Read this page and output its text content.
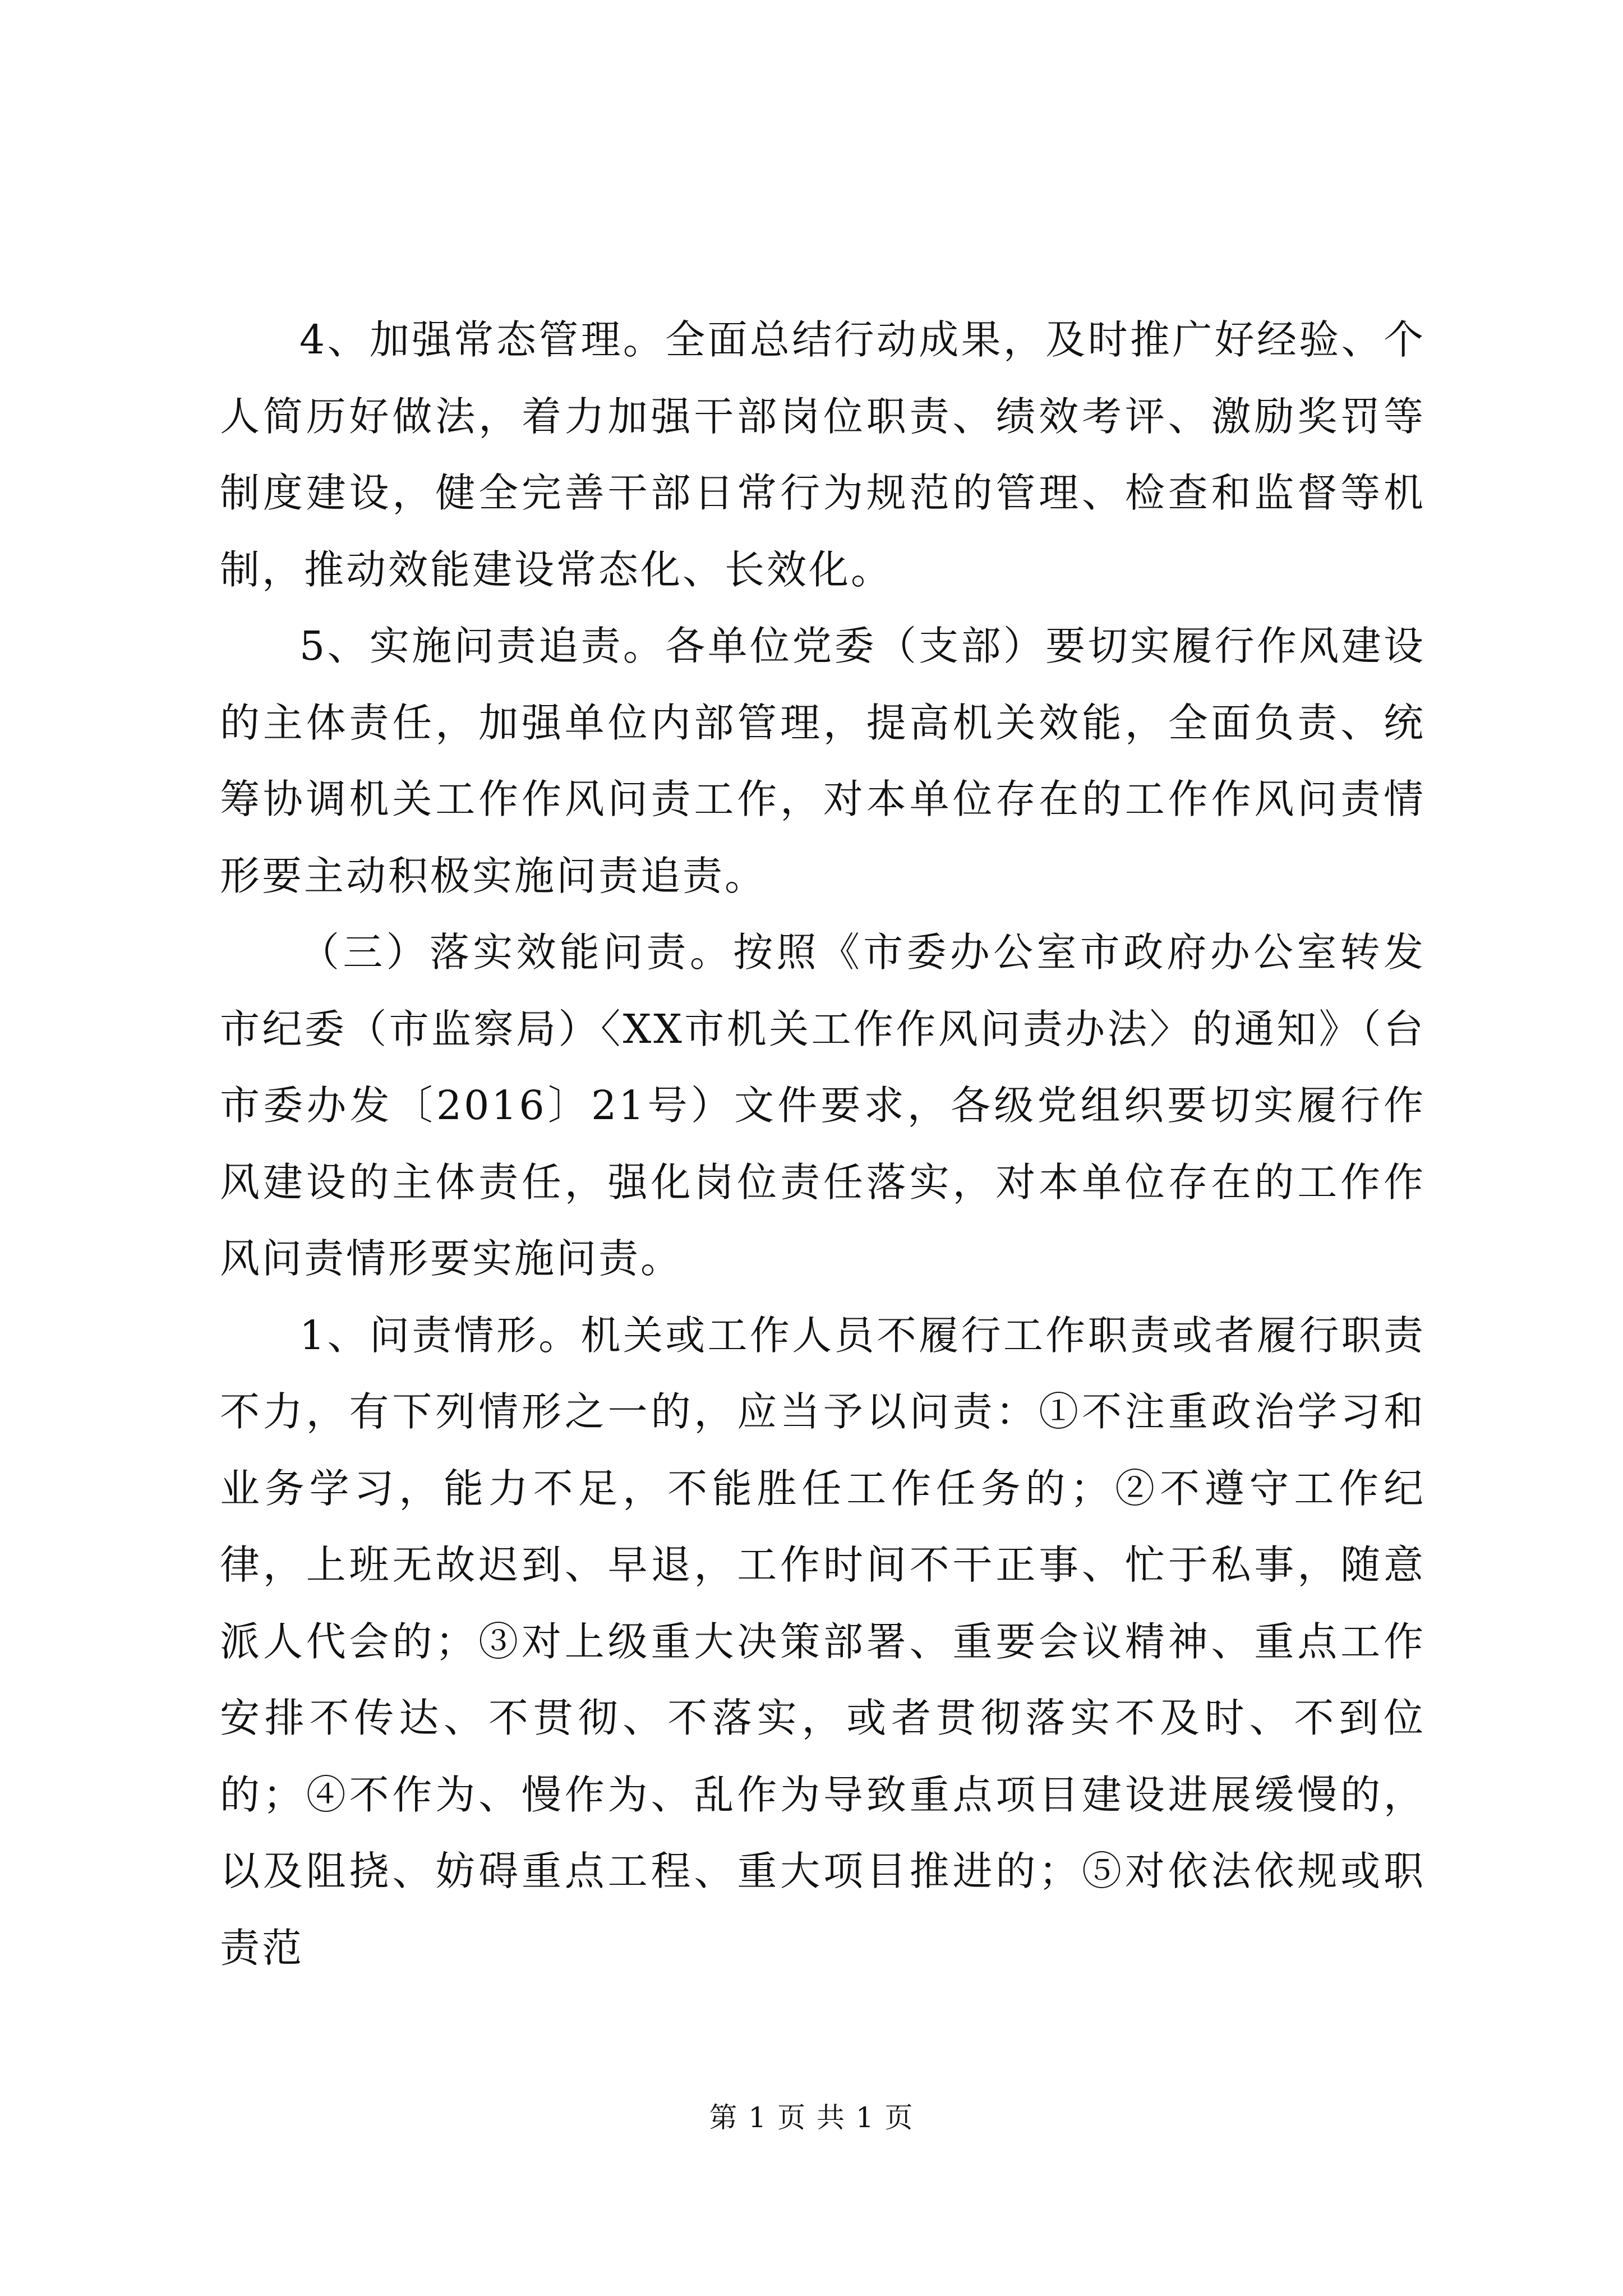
4、加强常态管理。全面总结行动成果，及时推广好经验、个人简历好做法，着力加强干部岗位职责、绩效考评、激励奖罚等制度建设，健全完善干部日常行为规范的管理、检查和监督等机制，推动效能建设常态化、长效化。

5、实施问责追责。各单位党委（支部）要切实履行作风建设的主体责任，加强单位内部管理，提高机关效能，全面负责、统筹协调机关工作作风问责工作，对本单位存在的工作作风问责情形要主动积极实施问责追责。

（三）落实效能问责。按照《市委办公室市政府办公室转发市纪委（市监察局）〈XX市机关工作作风问责办法〉的通知》（台市委办发〔2016〕21号）文件要求，各级党组织要切实履行作风建设的主体责任，强化岗位责任落实，对本单位存在的工作作风问责情形要实施问责。

1、问责情形。机关或工作人员不履行工作职责或者履行职责不力，有下列情形之一的，应当予以问责：①不注重政治学习和业务学习，能力不足，不能胜任工作任务的；②不遵守工作纪律，上班无故迟到、早退，工作时间不干正事、忙于私事，随意派人代会的；③对上级重大决策部署、重要会议精神、重点工作安排不传达、不贯彻、不落实，或者贯彻落实不及时、不到位的；④不作为、慢作为、乱作为导致重点项目建设进展缓慢的，以及阻挠、妨碍重点工程、重大项目推进的；⑤对依法依规或职责范

第 1 页 共 1 页
